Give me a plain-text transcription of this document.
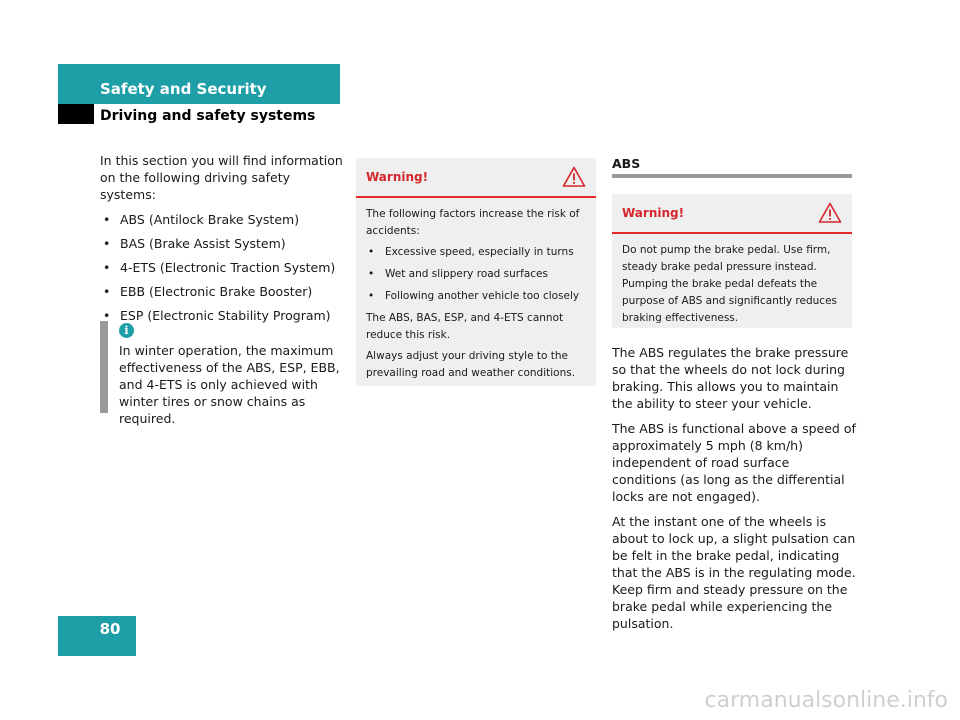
Safety and Security
Driving and safety systems

In this section you will find information on the following driving safety systems:

• ABS (Antilock Brake System)
• BAS (Brake Assist System)
• 4-ETS (Electronic Traction System)
• EBB (Electronic Brake Booster)
• ESP (Electronic Stability Program)
i
In winter operation, the maximum effectiveness of the ABS, ESP, EBB, and 4-ETS is only achieved with winter tires or snow chains as required.
Warning!

The following factors increase the risk of accidents:

• Excessive speed, especially in turns
• Wet and slippery road surfaces
• Following another vehicle too closely

The ABS, BAS, ESP, and 4-ETS cannot reduce this risk.

Always adjust your driving style to the prevailing road and weather conditions.

ABS
Warning!

Do not pump the brake pedal. Use firm, steady brake pedal pressure instead. Pumping the brake pedal defeats the purpose of ABS and significantly reduces braking effectiveness.

The ABS regulates the brake pressure so that the wheels do not lock during braking. This allows you to maintain the ability to steer your vehicle.

The ABS is functional above a speed of approximately 5 mph (8 km/h) independent of road surface conditions (as long as the differential locks are not engaged).

At the instant one of the wheels is about to lock up, a slight pulsation can be felt in the brake pedal, indicating that the ABS is in the regulating mode. Keep firm and steady pressure on the brake pedal while experiencing the pulsation.

80
carmanualsonline.info
